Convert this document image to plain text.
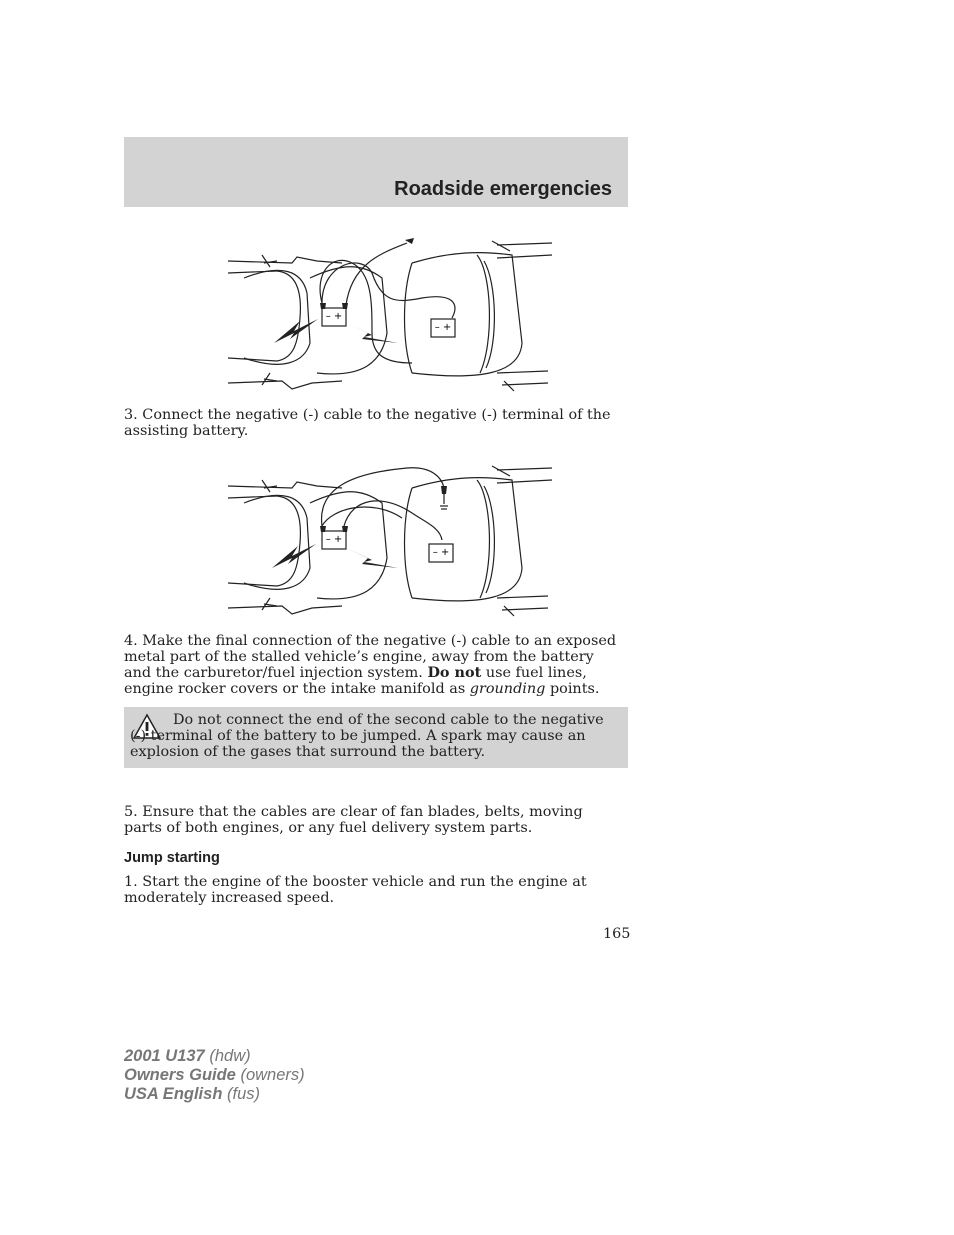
Roadside emergencies
– +
– +

3. Connect the negative (-) cable to the negative (-) terminal of the assisting battery.

– +
– +

4. Make the final connection of the negative (-) cable to an exposed metal part of the stalled vehicle’s engine, away from the battery and the carburetor/fuel injection system. Do not use fuel lines, engine rocker covers or the intake manifold as grounding points.

Do not connect the end of the second cable to the negative (-) terminal of the battery to be jumped. A spark may cause an explosion of the gases that surround the battery.

5. Ensure that the cables are clear of fan blades, belts, moving parts of both engines, or any fuel delivery system parts.

Jump starting

1. Start the engine of the booster vehicle and run the engine at moderately increased speed.

165
2001 U137 (hdw)
Owners Guide (owners)
USA English (fus)
